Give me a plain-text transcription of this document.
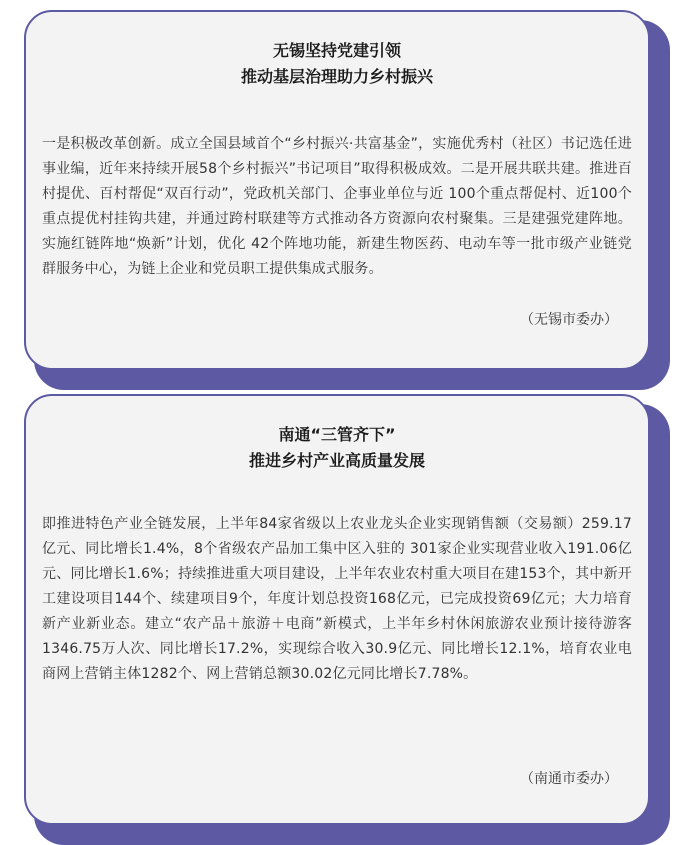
无锡坚持党建引领
推动基层治理助力乡村振兴

一是积极改革创新。成立全国县域首个“乡村振兴·共富基金”，实施优秀村（社区）书记选任进事业编，近年来持续开展58个乡村振兴”书记项目”取得积极成效。二是开展共联共建。推进百村提优、百村帮促“双百行动”，党政机关部门、企事业单位与近 100个重点帮促村、近100个重点提优村挂钩共建，并通过跨村联建等方式推动各方资源向农村聚集。三是建强党建阵地。实施红链阵地“焕新”计划，优化 42个阵地功能，新建生物医药、电动车等一批市级产业链党群服务中心，为链上企业和党员职工提供集成式服务。

（无锡市委办）
南通“三管齐下”
推进乡村产业高质量发展

即推进特色产业全链发展，上半年84家省级以上农业龙头企业实现销售额（交易额）259.17亿元、同比增长1.4%，8个省级农产品加工集中区入驻的 301家企业实现营业收入191.06亿元、同比增长1.6%；持续推进重大项目建设，上半年农业农村重大项目在建153个，其中新开工建设项目144个、续建项目9个，年度计划总投资168亿元，已完成投资69亿元；大力培育新产业新业态。建立“农产品＋旅游＋电商”新模式，上半年乡村休闲旅游农业预计接待游客1346.75万人次、同比增长17.2%，实现综合收入30.9亿元、同比增长12.1%，培育农业电商网上营销主体1282个、网上营销总额30.02亿元同比增长7.78%。

（南通市委办）
